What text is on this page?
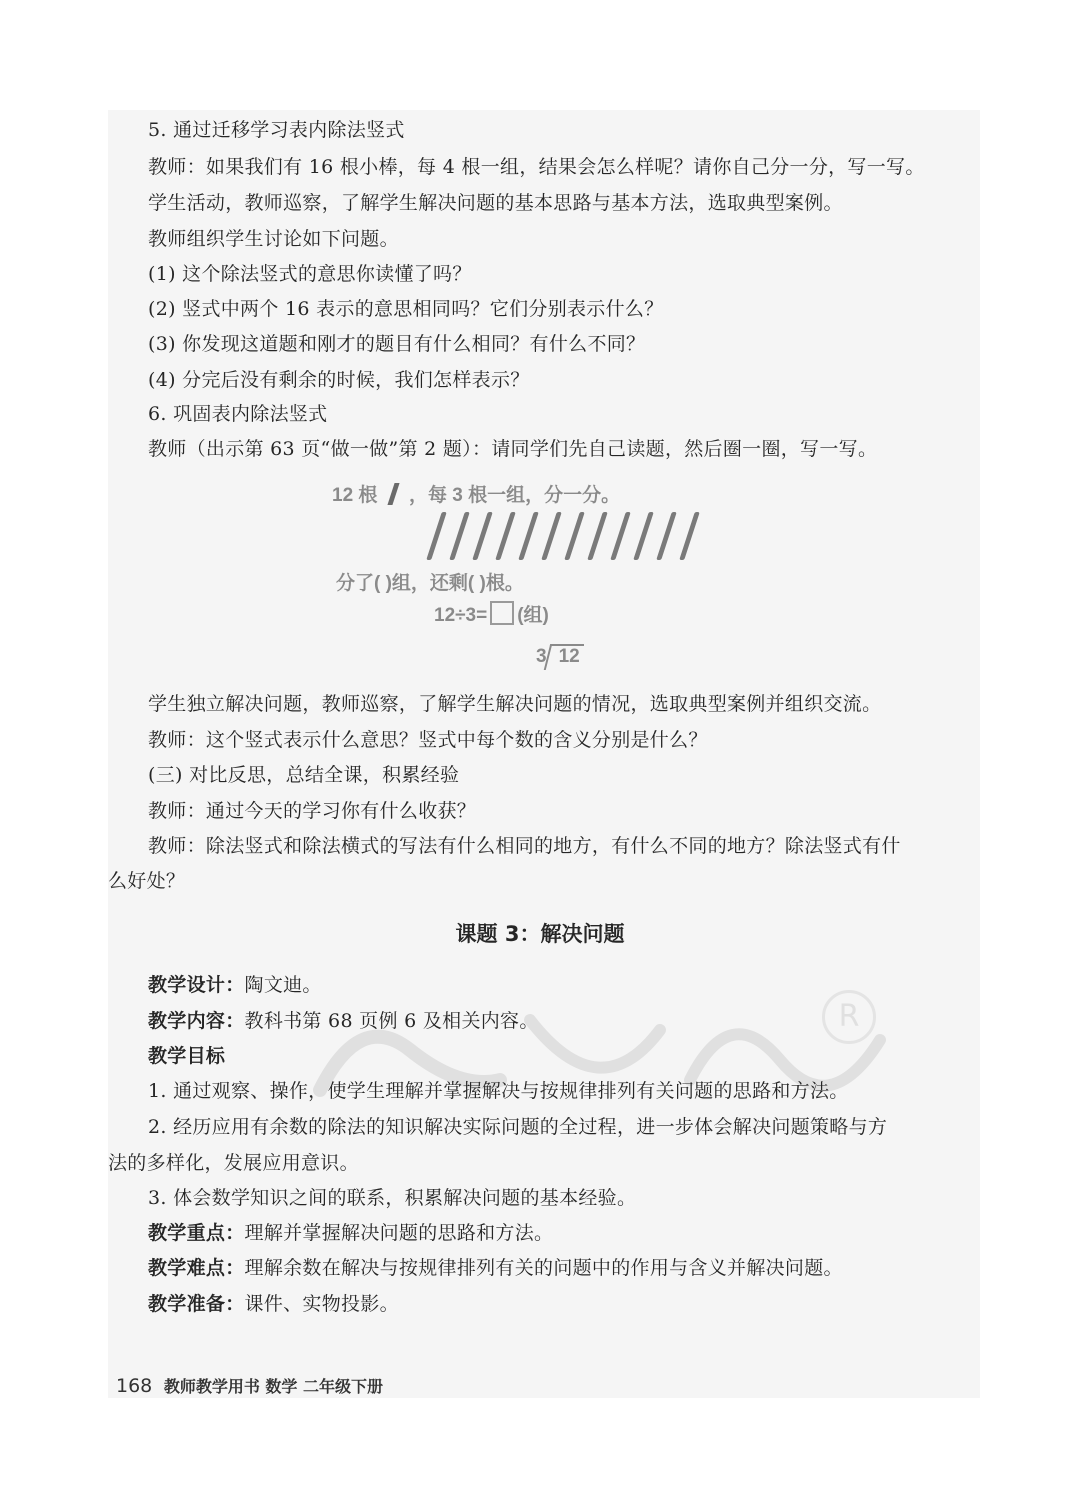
5. 通过迁移学习表内除法竖式
教师：如果我们有 16 根小棒，每 4 根一组，结果会怎么样呢？请你自己分一分，写一写。
学生活动，教师巡察，了解学生解决问题的基本思路与基本方法，选取典型案例。
教师组织学生讨论如下问题。
(1) 这个除法竖式的意思你读懂了吗？
(2) 竖式中两个 16 表示的意思相同吗？它们分别表示什么？
(3) 你发现这道题和刚才的题目有什么相同？有什么不同？
(4) 分完后没有剩余的时候，我们怎样表示？
6. 巩固表内除法竖式
教师（出示第 63 页“做一做”第 2 题）：请同学们先自己读题，然后圈一圈，写一写。
12 根 ，每 3 根一组，分一分。
分了( )组，还剩( )根。
12÷3= (组)
3 12
学生独立解决问题，教师巡察，了解学生解决问题的情况，选取典型案例并组织交流。
教师：这个竖式表示什么意思？竖式中每个数的含义分别是什么？
(三) 对比反思，总结全课，积累经验
教师：通过今天的学习你有什么收获？
教师：除法竖式和除法横式的写法有什么相同的地方，有什么不同的地方？除法竖式有什
么好处？
课题 3：解决问题
R
教学设计：陶文迪。
教学内容：教科书第 68 页例 6 及相关内容。
教学目标
1. 通过观察、操作，使学生理解并掌握解决与按规律排列有关问题的思路和方法。
2. 经历应用有余数的除法的知识解决实际问题的全过程，进一步体会解决问题策略与方
法的多样化，发展应用意识。
3. 体会数学知识之间的联系，积累解决问题的基本经验。
教学重点：理解并掌握解决问题的思路和方法。
教学难点：理解余数在解决与按规律排列有关的问题中的作用与含义并解决问题。
教学准备：课件、实物投影。
168 教师教学用书 数学 二年级下册
